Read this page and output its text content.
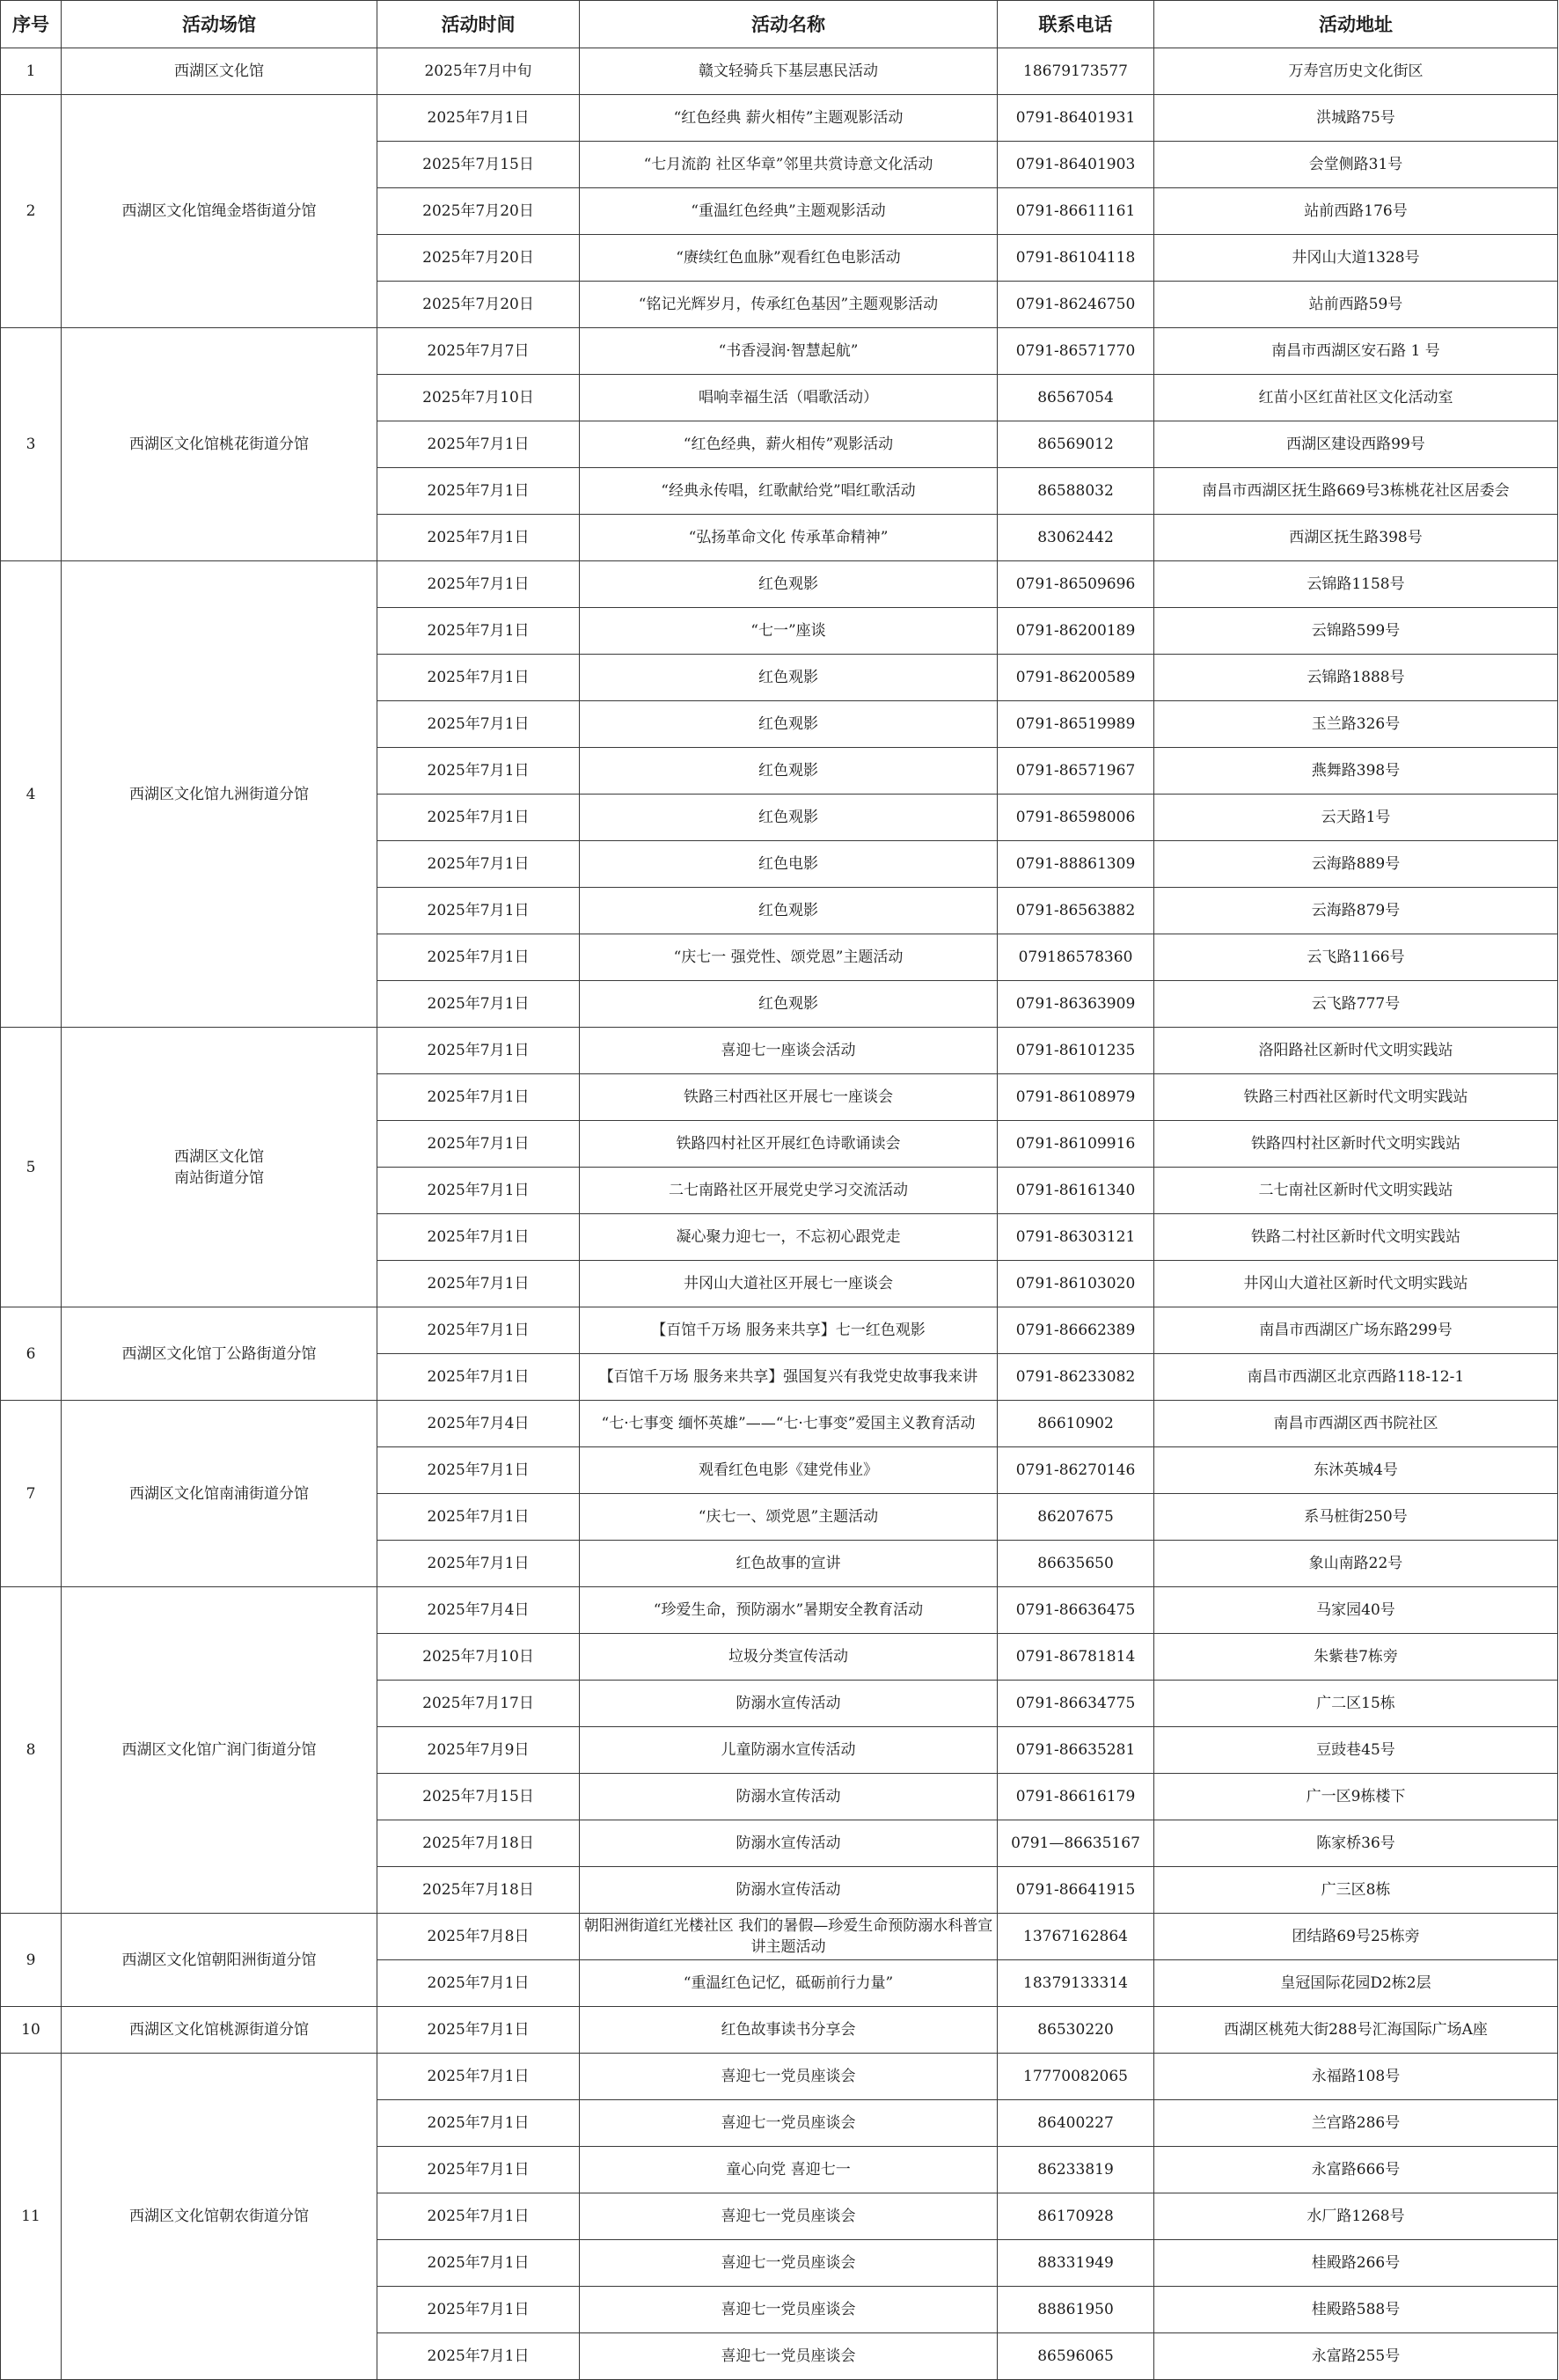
序号	活动场馆	活动时间	活动名称	联系电话	活动地址
1	西湖区文化馆	2025年7月中旬	赣文轻骑兵下基层惠民活动	18679173577	万寿宫历史文化街区
2	西湖区文化馆绳金塔街道分馆	2025年7月1日	“红色经典 薪火相传”主题观影活动	0791-86401931	洪城路75号
		2025年7月15日	“七月流韵 社区华章”邻里共赏诗意文化活动	0791-86401903	会堂侧路31号
		2025年7月20日	“重温红色经典”主题观影活动	0791-86611161	站前西路176号
		2025年7月20日	“赓续红色血脉”观看红色电影活动	0791-86104118	井冈山大道1328号
		2025年7月20日	“铭记光辉岁月，传承红色基因”主题观影活动	0791-86246750	站前西路59号
3	西湖区文化馆桃花街道分馆	2025年7月7日	“书香浸润·智慧起航”	0791-86571770	南昌市西湖区安石路 1 号
		2025年7月10日	唱响幸福生活（唱歌活动）	86567054	红苗小区红苗社区文化活动室
		2025年7月1日	“红色经典，薪火相传”观影活动	86569012	西湖区建设西路99号
		2025年7月1日	“经典永传唱，红歌献给党”唱红歌活动	86588032	南昌市西湖区抚生路669号3栋桃花社区居委会
		2025年7月1日	“弘扬革命文化 传承革命精神”	83062442	西湖区抚生路398号
4	西湖区文化馆九洲街道分馆	2025年7月1日	红色观影	0791-86509696	云锦路1158号
		2025年7月1日	“七一”座谈	0791-86200189	云锦路599号
		2025年7月1日	红色观影	0791-86200589	云锦路1888号
		2025年7月1日	红色观影	0791-86519989	玉兰路326号
		2025年7月1日	红色观影	0791-86571967	燕舞路398号
		2025年7月1日	红色观影	0791-86598006	云天路1号
		2025年7月1日	红色电影	0791-88861309	云海路889号
		2025年7月1日	红色观影	0791-86563882	云海路879号
		2025年7月1日	“庆七一 强党性、颂党恩”主题活动	079186578360	云飞路1166号
		2025年7月1日	红色观影	0791-86363909	云飞路777号
5	西湖区文化馆
南站街道分馆	2025年7月1日	喜迎七一座谈会活动	0791-86101235	洛阳路社区新时代文明实践站
		2025年7月1日	铁路三村西社区开展七一座谈会	0791-86108979	铁路三村西社区新时代文明实践站
		2025年7月1日	铁路四村社区开展红色诗歌诵读会	0791-86109916	铁路四村社区新时代文明实践站
		2025年7月1日	二七南路社区开展党史学习交流活动	0791-86161340	二七南社区新时代文明实践站
		2025年7月1日	凝心聚力迎七一，不忘初心跟党走	0791-86303121	铁路二村社区新时代文明实践站
		2025年7月1日	井冈山大道社区开展七一座谈会	0791-86103020	井冈山大道社区新时代文明实践站
6	西湖区文化馆丁公路街道分馆	2025年7月1日	【百馆千万场 服务来共享】七一红色观影	0791-86662389	南昌市西湖区广场东路299号
		2025年7月1日	【百馆千万场 服务来共享】强国复兴有我党史故事我来讲	0791-86233082	南昌市西湖区北京西路118-12-1
7	西湖区文化馆南浦街道分馆	2025年7月4日	“七·七事变 缅怀英雄”——“七·七事变”爱国主义教育活动	86610902	南昌市西湖区西书院社区
		2025年7月1日	观看红色电影《建党伟业》	0791-86270146	东沐英城4号
		2025年7月1日	“庆七一、颂党恩”主题活动	86207675	系马桩街250号
		2025年7月1日	红色故事的宣讲	86635650	象山南路22号
8	西湖区文化馆广润门街道分馆	2025年7月4日	“珍爱生命，预防溺水”暑期安全教育活动	0791-86636475	马家园40号
		2025年7月10日	垃圾分类宣传活动	0791-86781814	朱紫巷7栋旁
		2025年7月17日	防溺水宣传活动	0791-86634775	广二区15栋
		2025年7月9日	儿童防溺水宣传活动	0791-86635281	豆豉巷45号
		2025年7月15日	防溺水宣传活动	0791-86616179	广一区9栋楼下
		2025年7月18日	防溺水宣传活动	0791—86635167	陈家桥36号
		2025年7月18日	防溺水宣传活动	0791-86641915	广三区8栋
9	西湖区文化馆朝阳洲街道分馆	2025年7月8日	朝阳洲街道红光楼社区 我们的暑假—珍爱生命预防溺水科普宣讲主题活动	13767162864	团结路69号25栋旁
		2025年7月1日	“重温红色记忆，砥砺前行力量”	18379133314	皇冠国际花园D2栋2层
10	西湖区文化馆桃源街道分馆	2025年7月1日	红色故事读书分享会	86530220	西湖区桃苑大街288号汇海国际广场A座
11	西湖区文化馆朝农街道分馆	2025年7月1日	喜迎七一党员座谈会	17770082065	永福路108号
		2025年7月1日	喜迎七一党员座谈会	86400227	兰宫路286号
		2025年7月1日	童心向党 喜迎七一	86233819	永富路666号
		2025年7月1日	喜迎七一党员座谈会	86170928	水厂路1268号
		2025年7月1日	喜迎七一党员座谈会	88331949	桂殿路266号
		2025年7月1日	喜迎七一党员座谈会	88861950	桂殿路588号
		2025年7月1日	喜迎七一党员座谈会	86596065	永富路255号
